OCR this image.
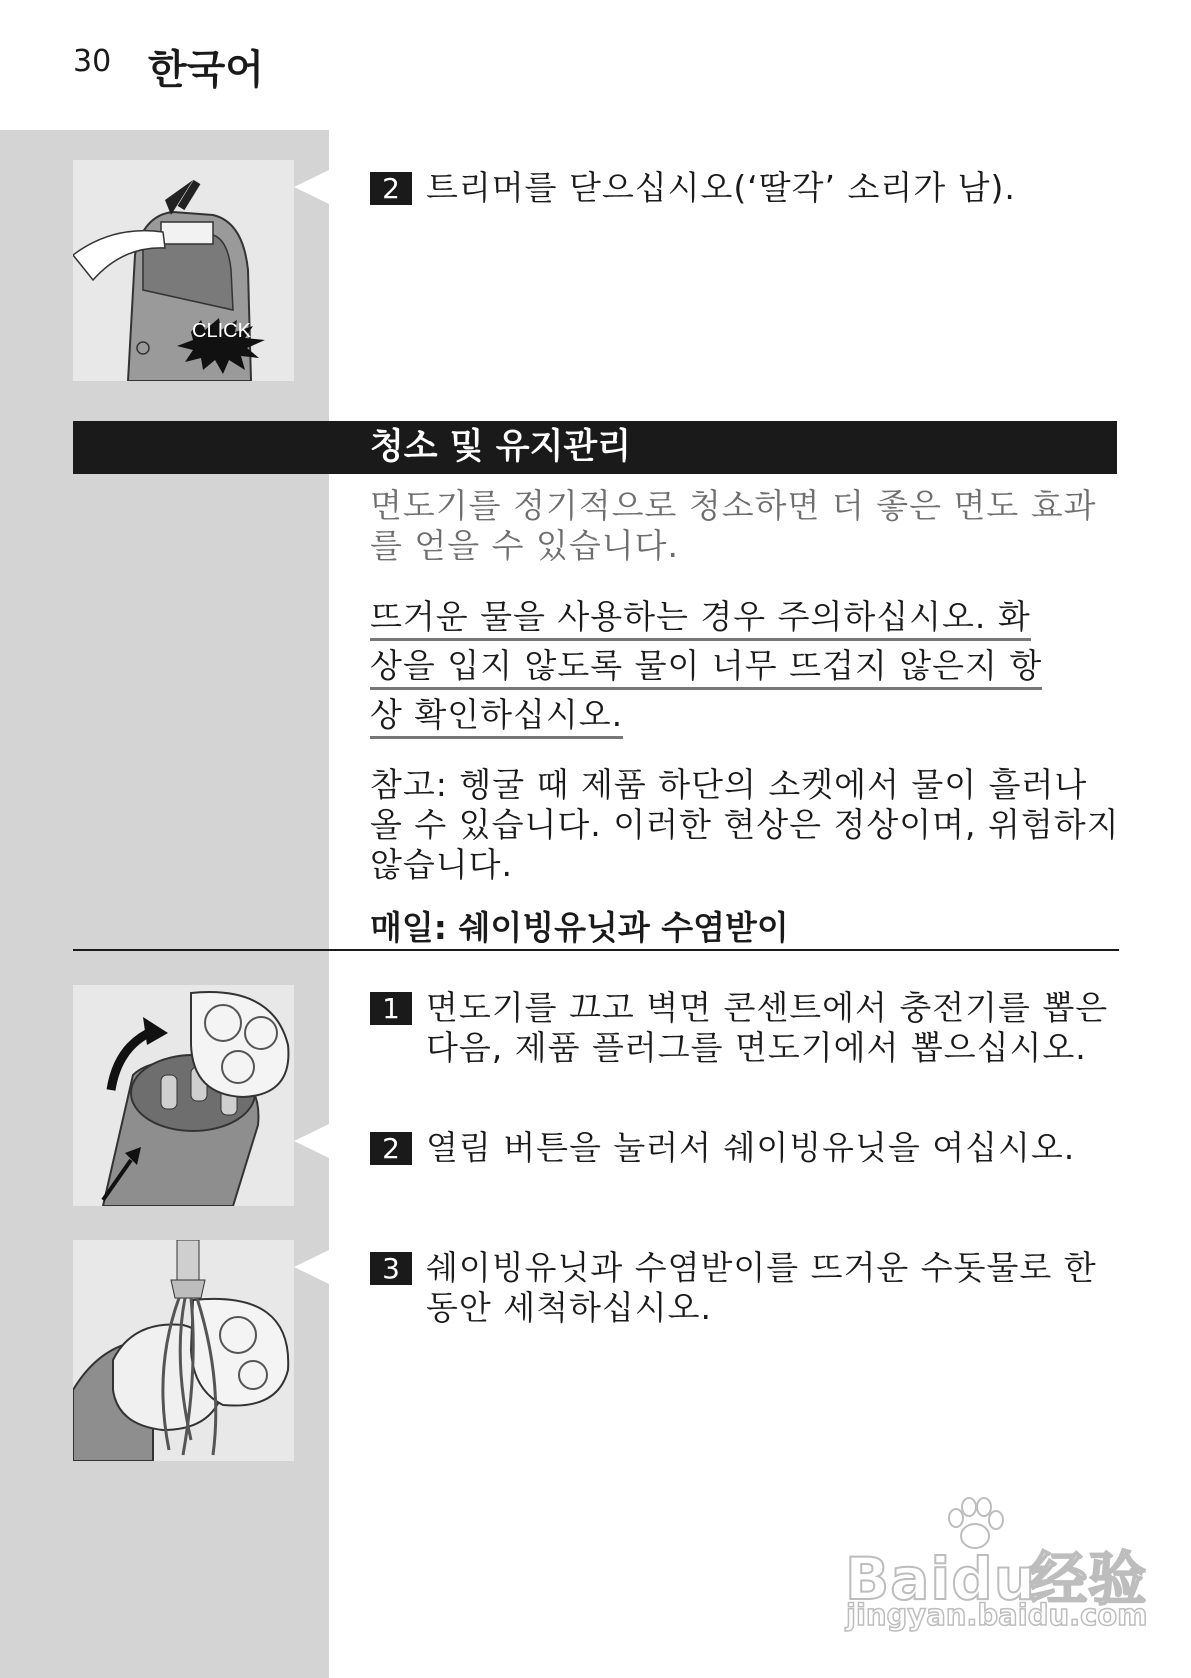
30 한국어
CLICK
2 트리머를 닫으십시오(‘딸각’ 소리가 남).
청소 및 유지관리
면도기를 정기적으로 청소하면 더 좋은 면도 효과를 얻을 수 있습니다.
뜨거운 물을 사용하는 경우 주의하십시오. 화
상을 입지 않도록 물이 너무 뜨겁지 않은지 항
상 확인하십시오.
참고: 헹굴 때 제품 하단의 소켓에서 물이 흘러나올 수 있습니다. 이러한 현상은 정상이며, 위험하지 않습니다.
매일: 쉐이빙유닛과 수염받이
1 면도기를 끄고 벽면 콘센트에서 충전기를 뽑은 다음, 제품 플러그를 면도기에서 뽑으십시오.
2 열림 버튼을 눌러서 쉐이빙유닛을 여십시오.
3 쉐이빙유닛과 수염받이를 뜨거운 수돗물로 한동안 세척하십시오.
Baidu经验
jingyan.baidu.com
